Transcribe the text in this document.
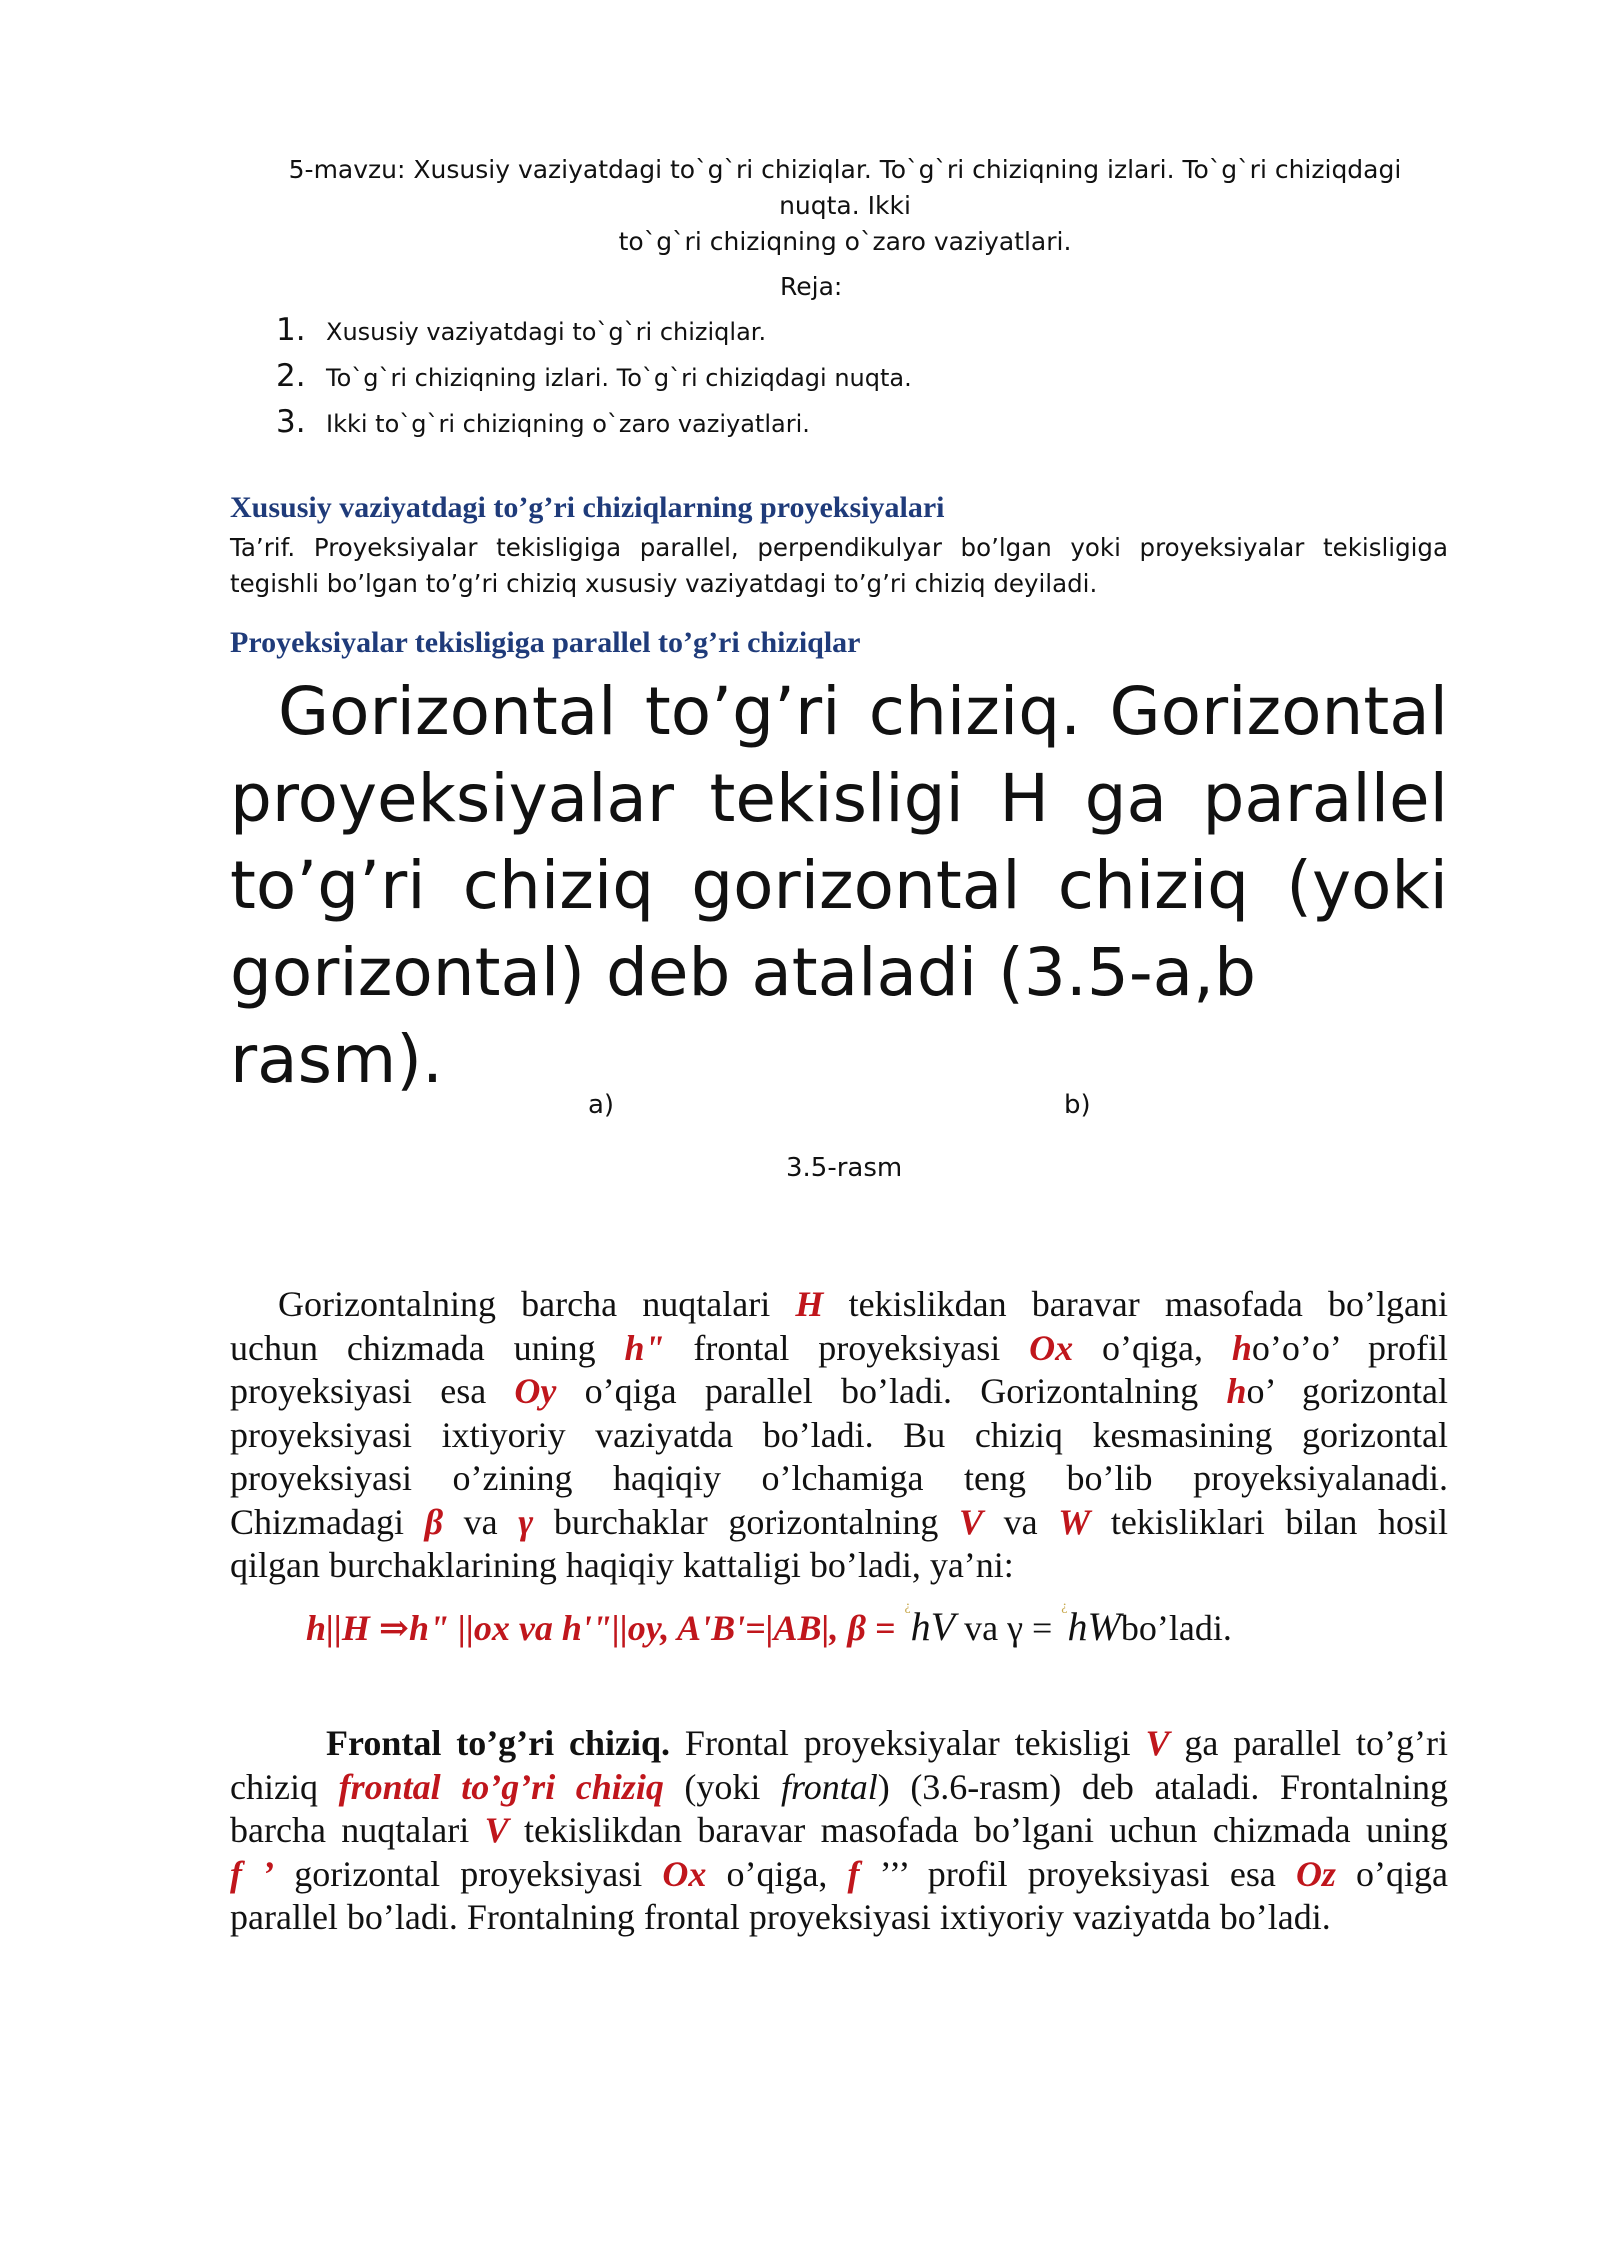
5-mavzu: Xususiy vaziyatdagi to`g`ri chiziqlar. To`g`ri chiziqning izlari. To`g`ri chiziqdagi nuqta. Ikki
to`g`ri chiziqning o`zaro vaziyatlari.
Reja:
1. Xususiy vaziyatdagi to`g`ri chiziqlar.
2. To`g`ri chiziqning izlari. To`g`ri chiziqdagi nuqta.
3. Ikki to`g`ri chiziqning o`zaro vaziyatlari.
Xususiy vaziyatdagi to’g’ri chiziqlarning proyeksiyalari
Ta’rif. Proyeksiyalar tekisligiga parallel, perpendikulyar bo’lgan yoki proyeksiyalar tekisligiga tegishli bo’lgan to’g’ri chiziq xususiy vaziyatdagi to’g’ri chiziq deyiladi.
Proyeksiyalar tekisligiga parallel to’g’ri chiziqlar
Gorizontal to’g’ri chiziq. Gorizontal
proyeksiyalar tekisligi H ga parallel
to’g’ri chiziq gorizontal chiziq (yoki
gorizontal) deb ataladi (3.5-a,b rasm).
a)	b)
3.5-rasm
Gorizontalning barcha nuqtalari H tekislikdan baravar masofada bo’lgani
uchun chizmada uning h" frontal proyeksiyasi Ox o’qiga, ho’o’o’ profil
proyeksiyasi esa Oy o’qiga parallel bo’ladi. Gorizontalning ho’ gorizontal
proyeksiyasi ixtiyoriy vaziyatda bo’ladi. Bu chiziq kesmasining gorizontal
proyeksiyasi o’zining haqiqiy o’lchamiga teng bo’lib proyeksiyalanadi.
Chizmadagi β va γ burchaklar gorizontalning V va W tekisliklari bilan hosil
qilgan burchaklarining haqiqiy kattaligi bo’ladi, ya’ni:
h||H ⇒h" ||ox va h'"||oy, A'B'=|AB|, β = ¿hV va γ = ¿hWbo’ladi.
Frontal to’g’ri chiziq. Frontal proyeksiyalar tekisligi V ga parallel to’g’ri
chiziq frontal to’g’ri chiziq (yoki frontal) (3.6-rasm) deb ataladi. Frontalning
barcha nuqtalari V tekislikdan baravar masofada bo’lgani uchun chizmada uning
f ’ gorizontal proyeksiyasi Ox o’qiga, f ’’’ profil proyeksiyasi esa Oz o’qiga
parallel bo’ladi. Frontalning frontal proyeksiyasi ixtiyoriy vaziyatda bo’ladi.
